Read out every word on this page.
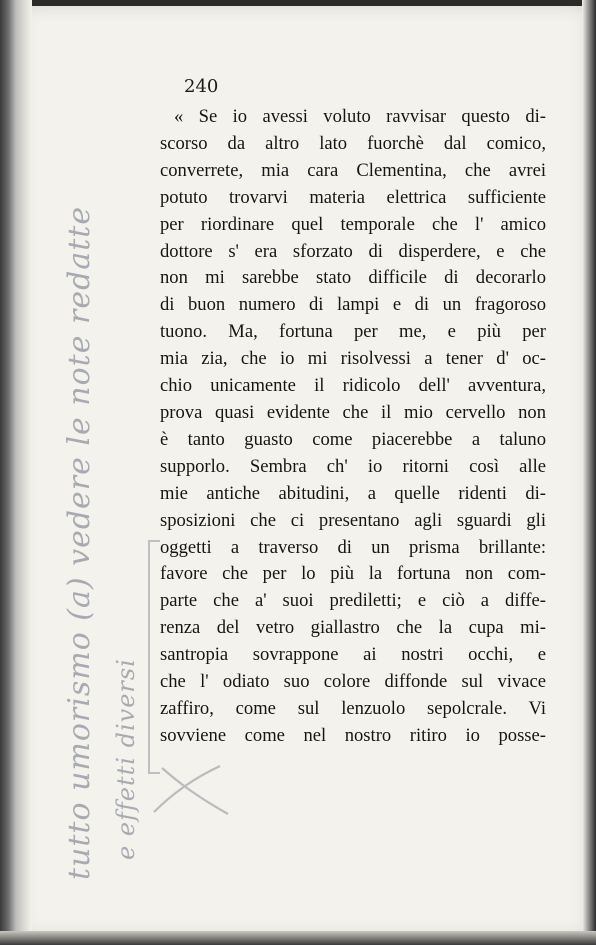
240
« Se io avessi voluto ravvisar questo di-
scorso da altro lato fuorchè dal comico,
converrete, mia cara Clementina, che avrei
potuto trovarvi materia elettrica sufficiente
per riordinare quel temporale che l' amico
dottore s' era sforzato di disperdere, e che
non mi sarebbe stato difficile di decorarlo
di buon numero di lampi e di un fragoroso
tuono. Ma, fortuna per me, e più per
mia zia, che io mi risolvessi a tener d' oc-
chio unicamente il ridicolo dell' avventura,
prova quasi evidente che il mio cervello non
è tanto guasto come piacerebbe a taluno
supporlo. Sembra ch' io ritorni così alle
mie antiche abitudini, a quelle ridenti di-
sposizioni che ci presentano agli sguardi gli
oggetti a traverso di un prisma brillante:
favore che per lo più la fortuna non com-
parte che a' suoi prediletti; e ciò a diffe-
renza del vetro giallastro che la cupa mi-
santropia sovrappone ai nostri occhi, e
che l' odiato suo colore diffonde sul vivace
zaffiro, come sul lenzuolo sepolcrale. Vi
sovviene come nel nostro ritiro io posse-
tutto umorismo (a) vedere le note redatte e effetti diversi
